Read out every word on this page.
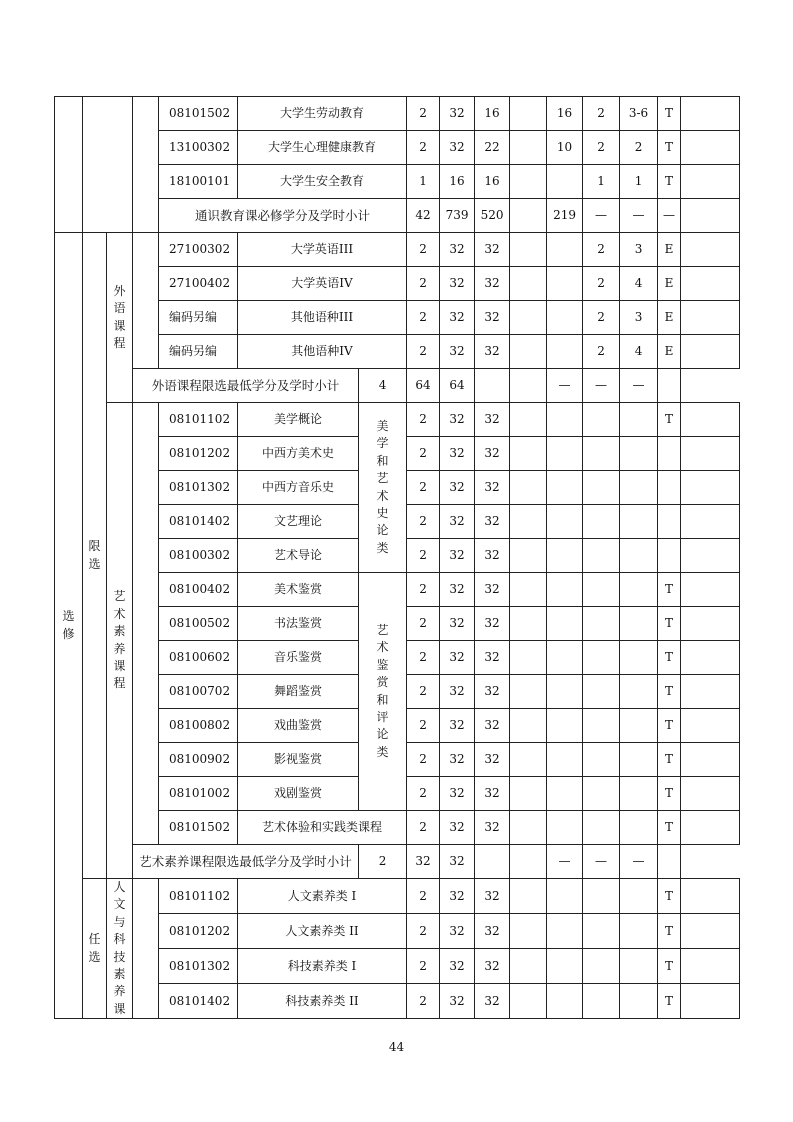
				08101502	大学生劳动教育		2	32	16		16	2	3-6	T	
				13100302	大学生心理健康教育		2	32	22		10	2	2	T	
				18100101	大学生安全教育		1	16	16			1	1	T	
				通识教育课必修学分及学时小计			42	739	520		219	—	—	—	
选 修	限 选	外 语 课 程		27100302	大学英语III		2	32	32			2	3	E	
				27100402	大学英语IV		2	32	32			2	4	E	
				编码另编	其他语种III		2	32	32			2	3	E	
				编码另编	其他语种IV		2	32	32			2	4	E	
			外语课程限选最低学分及学时小计			4	64	64			—	—	—		
		艺 术 素 养 课 程		08101102	美学概论	美学 和艺 术史 论类	2	32	32					T	
				08101202	中西方美术史		2	32	32						
				08101302	中西方音乐史		2	32	32						
				08101402	文艺理论		2	32	32						
				08100302	艺术导论		2	32	32						
				08100402	美术鉴赏	艺术 鉴赏 和评 论类	2	32	32					T	
				08100502	书法鉴赏		2	32	32					T	
				08100602	音乐鉴赏		2	32	32					T	
				08100702	舞蹈鉴赏		2	32	32					T	
				08100802	戏曲鉴赏		2	32	32					T	
				08100902	影视鉴赏		2	32	32					T	
				08101002	戏剧鉴赏		2	32	32					T	
				08101502	艺术体验和实践类课程		2	32	32					T	
			艺术素养课程限选最低学分及学时小计			2	32	32			—	—	—		
	任 选	人 文 与 科 技 素 养 课		08101102	人文素养类 I		2	32	32					T	
				08101202	人文素养类 II		2	32	32					T	
				08101302	科技素养类 I		2	32	32					T	
				08101402	科技素养类 II		2	32	32					T	
44
